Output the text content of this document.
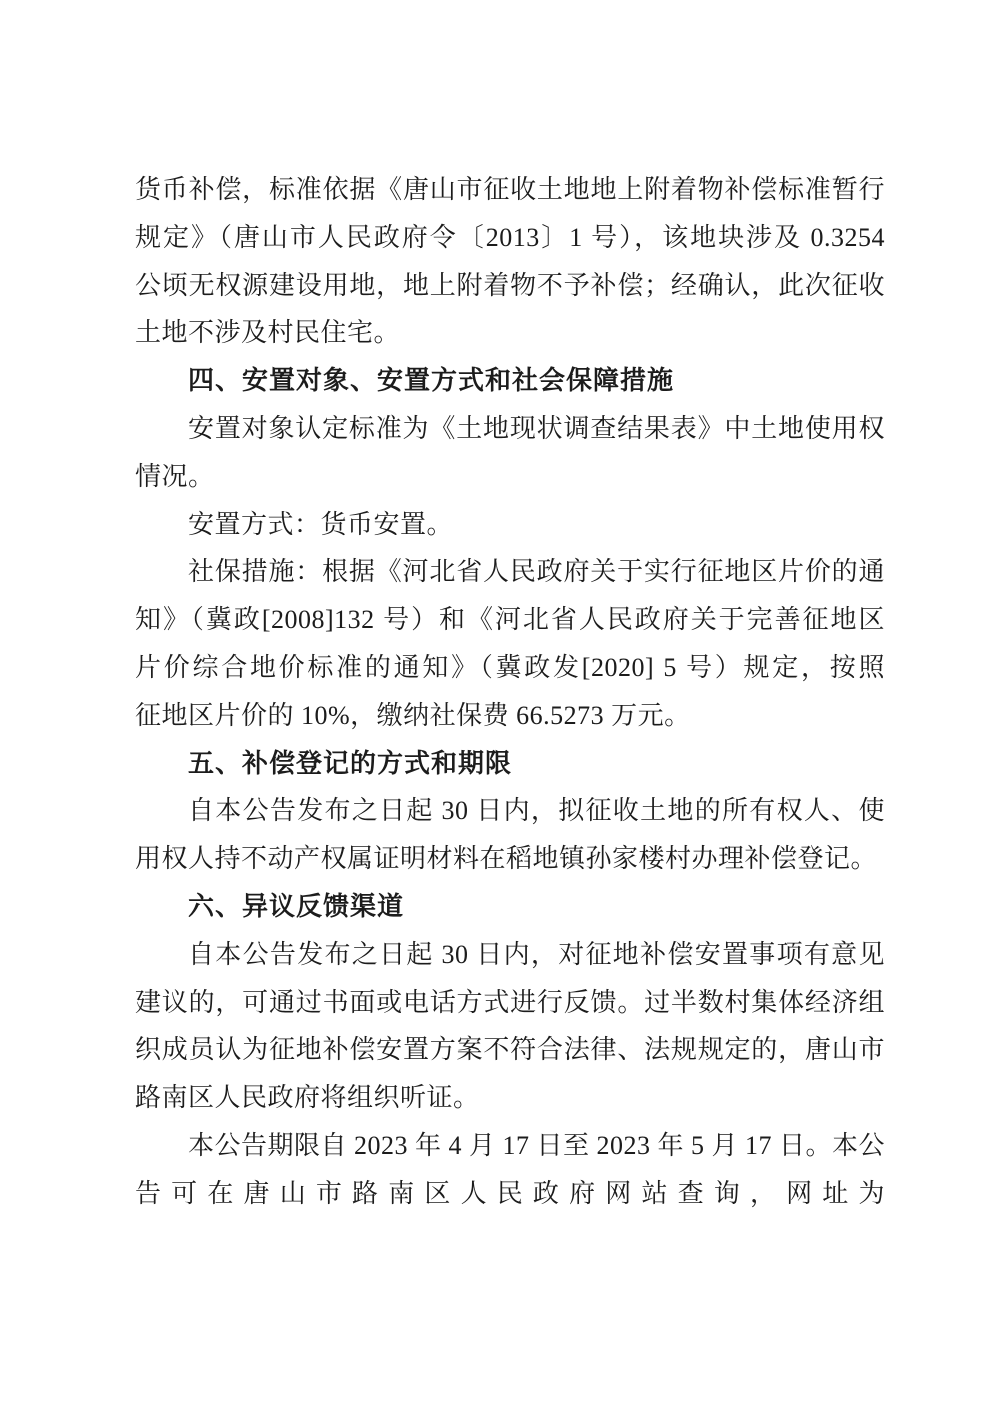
货币补偿，标准依据《唐山市征收土地地上附着物补偿标准暂行
规定》（唐山市人民政府令〔2013〕1 号），该地块涉及 0.3254
公顷无权源建设用地，地上附着物不予补偿；经确认，此次征收
土地不涉及村民住宅。
四、安置对象、安置方式和社会保障措施
安置对象认定标准为《土地现状调查结果表》中土地使用权
情况。
安置方式：货币安置。
社保措施：根据《河北省人民政府关于实行征地区片价的通
知》（冀政[2008]132 号）和《河北省人民政府关于完善征地区
片价综合地价标准的通知》（冀政发[2020] 5 号）规定，按照
征地区片价的 10%，缴纳社保费 66.5273 万元。
五、补偿登记的方式和期限
自本公告发布之日起 30 日内，拟征收土地的所有权人、使
用权人持不动产权属证明材料在稻地镇孙家楼村办理补偿登记。
六、异议反馈渠道
自本公告发布之日起 30 日内，对征地补偿安置事项有意见
建议的，可通过书面或电话方式进行反馈。过半数村集体经济组
织成员认为征地补偿安置方案不符合法律、法规规定的，唐山市
路南区人民政府将组织听证。
本公告期限自 2023 年 4 月 17 日至 2023 年 5 月 17 日。本公
告可在唐山市路南区人民政府网站查询，网址为
